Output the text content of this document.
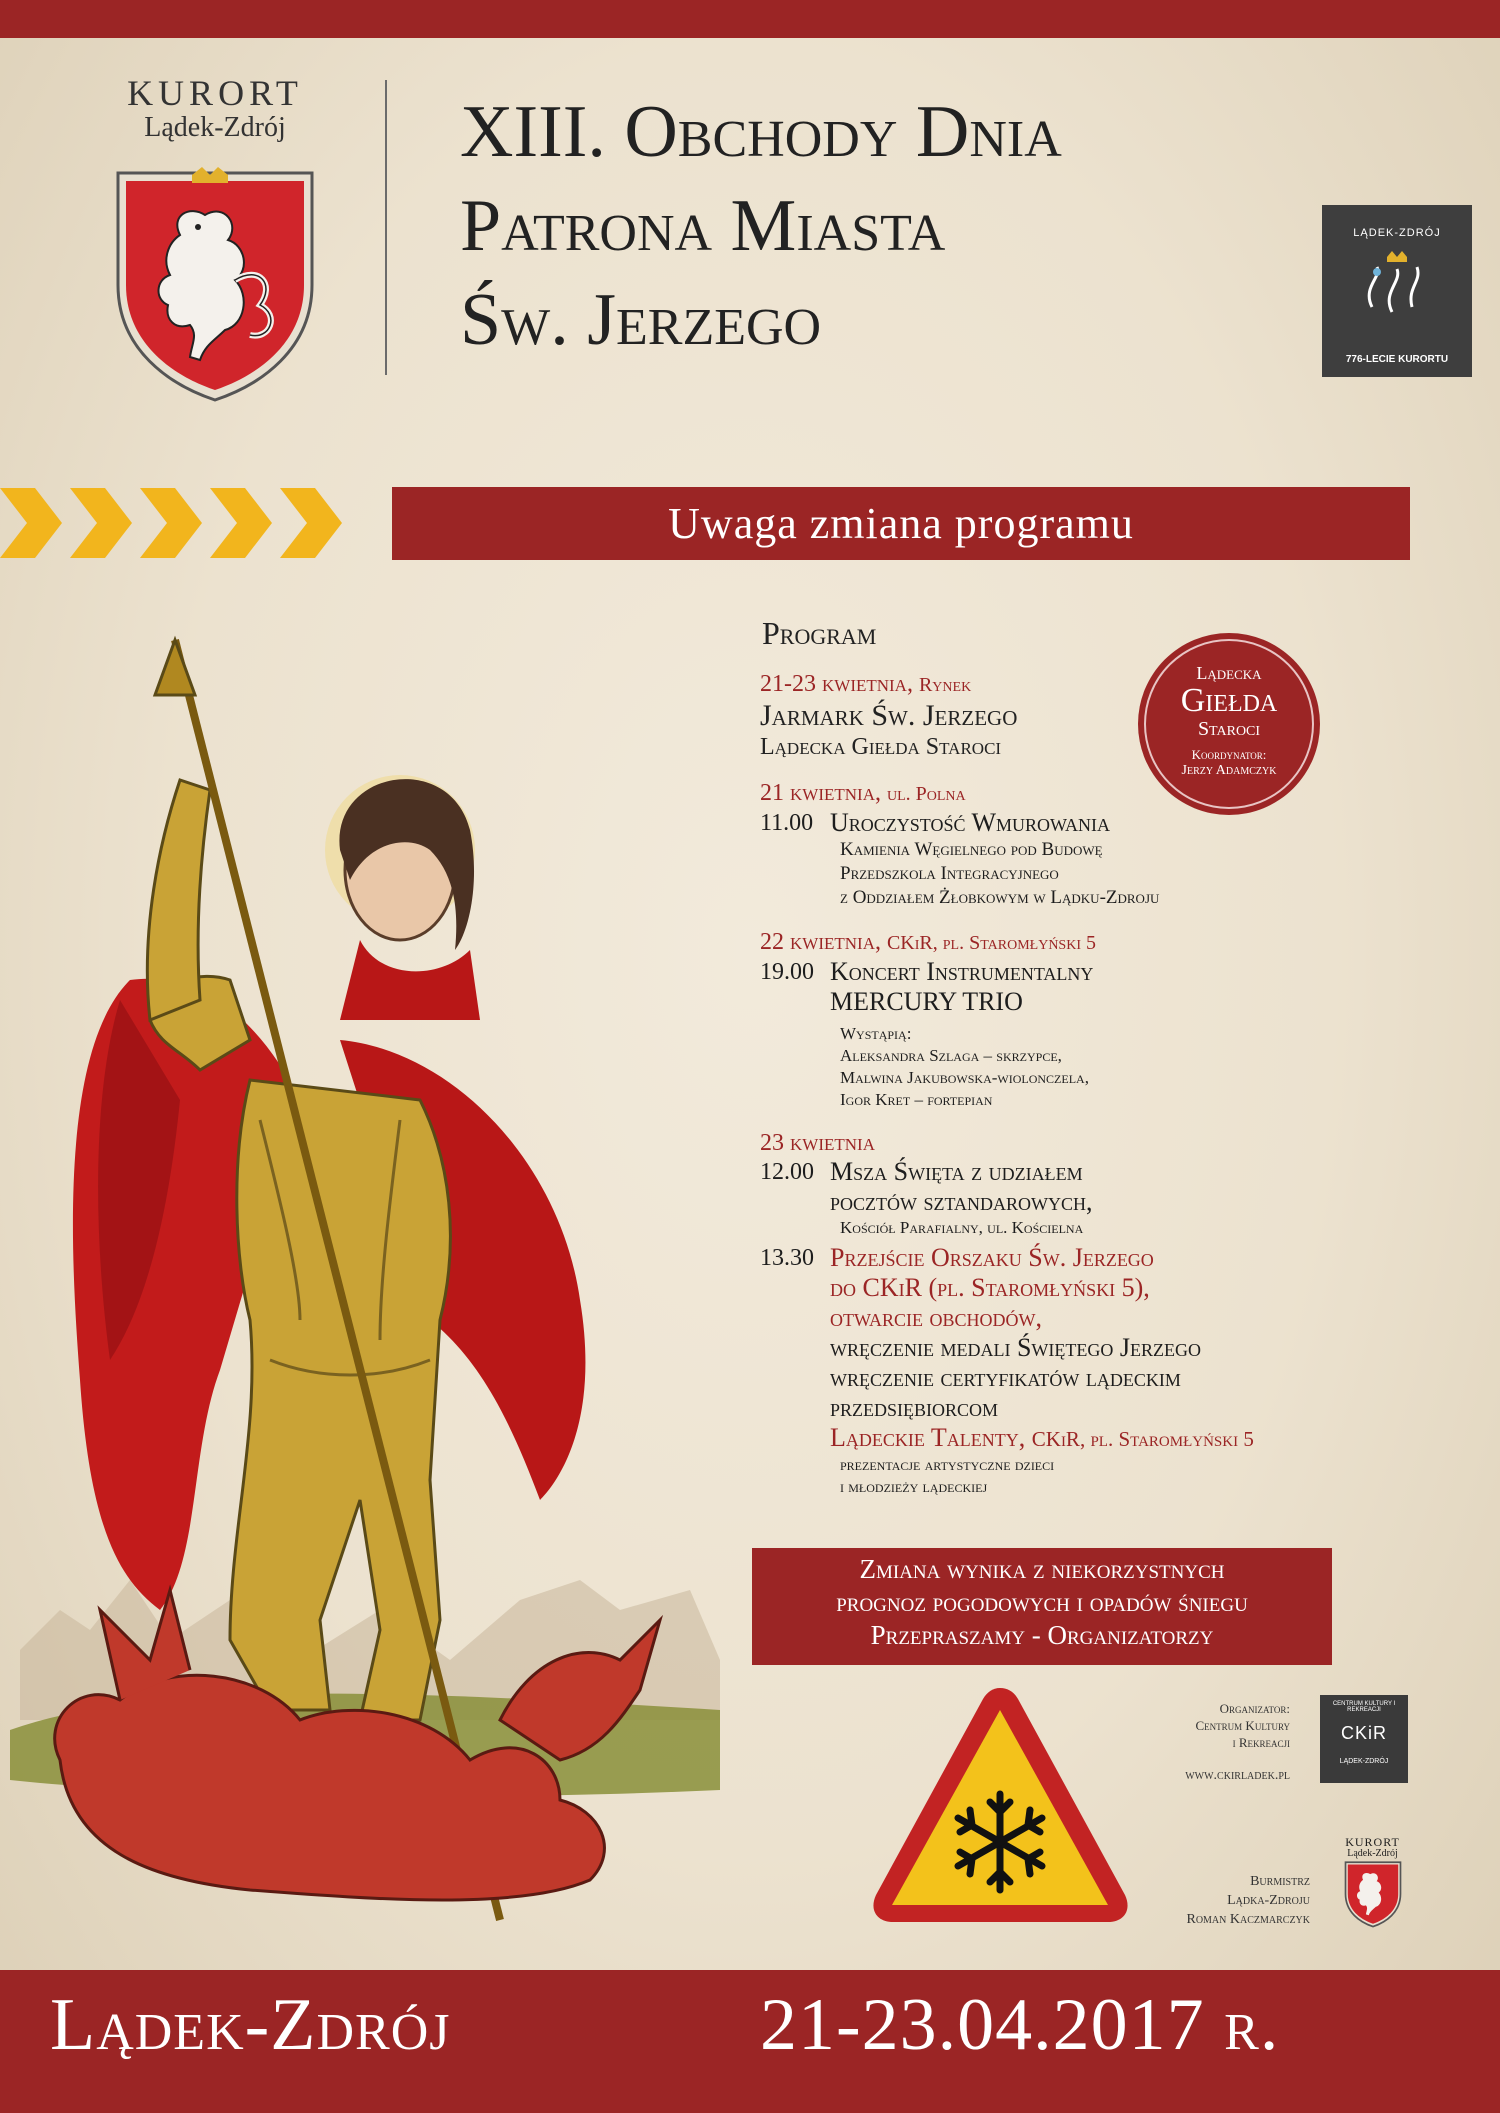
KURORT
Lądek-Zdrój	XIII. Obchody Dnia
Patrona Miasta
Św. Jerzego
LĄDEK-ZDRÓJ
776-LECIE KURORTU
Uwaga zmiana programu
Program
21-23 kwietnia, Rynek
Jarmark Św. Jerzego
Lądecka Giełda Staroci
21 kwietnia, ul. Polna
11.00 Uroczystość Wmurowania
Kamienia Węgielnego pod Budowę
Przedszkola Integracyjnego
z Oddziałem Żłobkowym w Lądku-Zdroju
22 kwietnia, CKiR, pl. Staromłyński 5
19.00 Koncert Instrumentalny
MERCURY TRIO
Wystąpią:
Aleksandra Szlaga – skrzypce,
Malwina Jakubowska-wiolonczela,
Igor Kret – fortepian
23 kwietnia
12.00 Msza Święta z udziałem
pocztów sztandarowych,
Kościół Parafialny, ul. Kościelna
13.30 Przejście Orszaku Św. Jerzego
do CKiR (pl. Staromłyński 5),
otwarcie obchodów,
wręczenie medali Świętego Jerzego
wręczenie certyfikatów lądeckim
przedsiębiorcom
Lądeckie Talenty, CKiR, pl. Staromłyński 5
prezentacje artystyczne dzieci
i młodzieży lądeckiej
Lądecka
Giełda
Staroci
Koordynator:
Jerzy Adamczyk
Zmiana wynika z niekorzystnych
prognoz pogodowych i opadów śniegu
Przepraszamy - Organizatorzy
Organizator:
Centrum Kultury
i Rekreacji
www.ckirladek.pl
CENTRUM KULTURY I REKREACJI
CKiR
LĄDEK-ZDRÓJ
Burmistrz
Lądka-Zdroju
Roman Kaczmarczyk
KURORT
Lądek-Zdrój
Lądek-Zdrój	21-23.04.2017 r.
